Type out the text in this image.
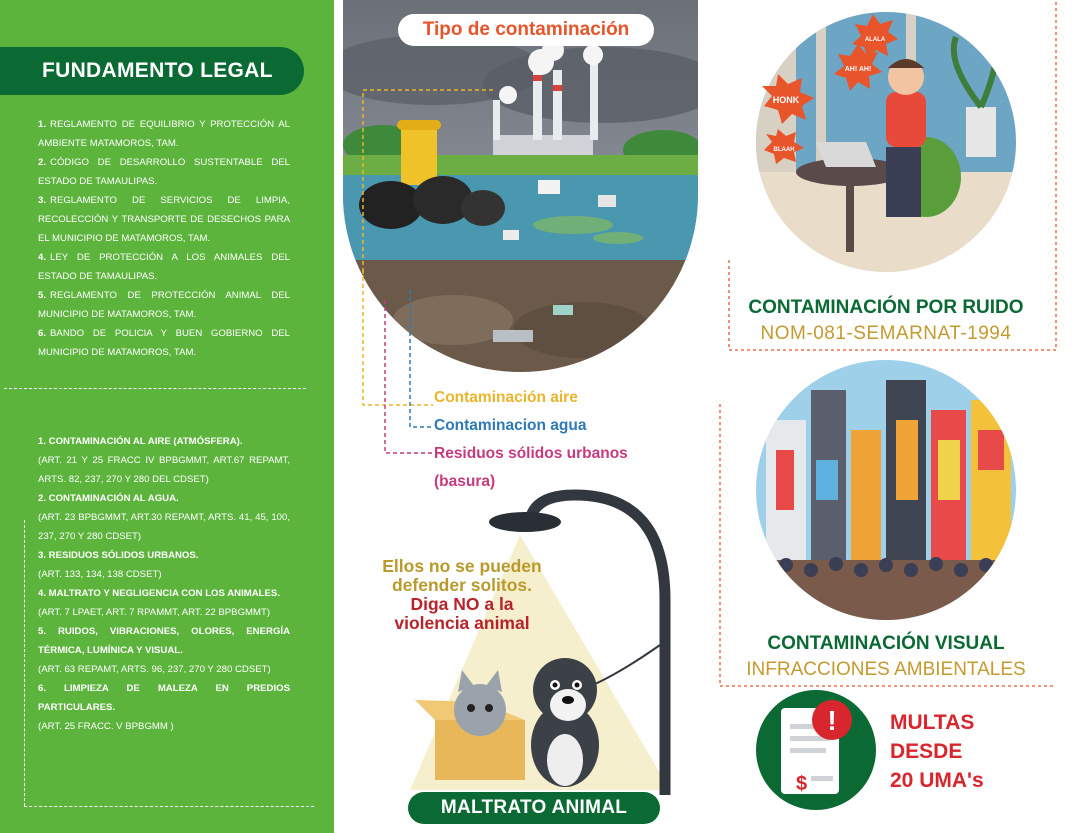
FUNDAMENTO LEGAL
1. REGLAMENTO DE EQUILIBRIO Y PROTECCIÓN AL AMBIENTE MATAMOROS, TAM.
2. CÓDIGO DE DESARROLLO SUSTENTABLE DEL ESTADO DE TAMAULIPAS.
3. REGLAMENTO DE SERVICIOS DE LIMPIA, RECOLECCIÓN Y TRANSPORTE DE DESECHOS PARA EL MUNICIPIO DE MATAMOROS, TAM.
4. LEY DE PROTECCIÓN A LOS ANIMALES DEL ESTADO DE TAMAULIPAS.
5. REGLAMENTO DE PROTECCIÓN ANIMAL DEL MUNICIPIO DE MATAMOROS, TAM.
6. BANDO DE POLICIA Y BUEN GOBIERNO DEL MUNICIPIO DE MATAMOROS, TAM.
1. CONTAMINACIÓN AL AIRE (ATMÓSFERA).
(ART. 21 Y 25 FRACC IV BPBGMMT, ART.67 REPAMT, ARTS. 82, 237, 270 Y 280 DEL CDSET)
2. CONTAMINACIÓN AL AGUA.
(ART. 23 BPBGMMT, ART.30 REPAMT, ARTS. 41, 45, 100, 237, 270 Y 280 CDSET)
3. RESIDUOS SÓLIDOS URBANOS.
(ART. 133, 134, 138 CDSET)
4. MALTRATO Y NEGLIGENCIA CON LOS ANIMALES.
(ART. 7 LPAET, ART. 7 RPAMMT, ART. 22 BPBGMMT)
5. RUIDOS, VIBRACIONES, OLORES, ENERGÍA TÉRMICA, LUMÍNICA Y VISUAL.
(ART. 63 REPAMT, ARTS. 96, 237, 270 Y 280 CDSET)
6. LIMPIEZA DE MALEZA EN PREDIOS PARTICULARES.
(ART. 25 FRACC. V BPBGMM )
Tipo de contaminación
Contaminación aire
Contaminacion agua
Residuos sólidos urbanos
(basura)
Ellos no se pueden
defender solitos.
Diga NO a la
violencia animal
MALTRATO ANIMAL
ALALA
AH! AH!
HONK
BLAAH
CONTAMINACIÓN POR RUIDO
NOM-081-SEMARNAT-1994
CONTAMINACIÓN VISUAL
INFRACCIONES AMBIENTALES
$
!	MULTAS
DESDE
20 UMA's
